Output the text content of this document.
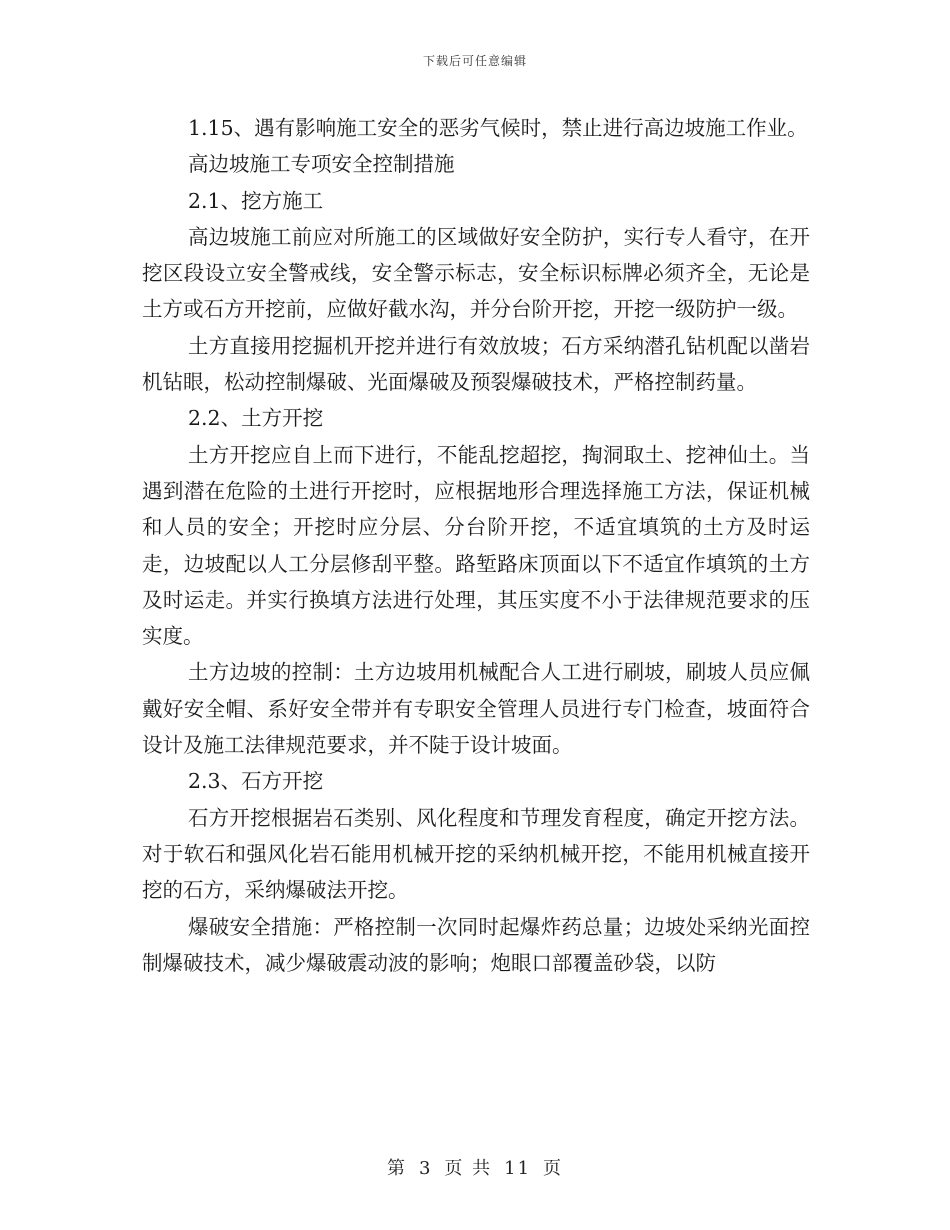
下载后可任意编辑

1.15、遇有影响施工安全的恶劣气候时，禁止进行高边坡施工作业。

高边坡施工专项安全控制措施

2.1、挖方施工

高边坡施工前应对所施工的区域做好安全防护，实行专人看守，在开挖区段设立安全警戒线，安全警示标志，安全标识标牌必须齐全，无论是土方或石方开挖前，应做好截水沟，并分台阶开挖，开挖一级防护一级。

土方直接用挖掘机开挖并进行有效放坡；石方采纳潜孔钻机配以凿岩机钻眼，松动控制爆破、光面爆破及预裂爆破技术，严格控制药量。

2.2、土方开挖

土方开挖应自上而下进行，不能乱挖超挖，掏洞取土、挖神仙土。当遇到潜在危险的土进行开挖时，应根据地形合理选择施工方法，保证机械和人员的安全；开挖时应分层、分台阶开挖，不适宜填筑的土方及时运走，边坡配以人工分层修刮平整。路堑路床顶面以下不适宜作填筑的土方及时运走。并实行换填方法进行处理，其压实度不小于法律规范要求的压实度。

土方边坡的控制：土方边坡用机械配合人工进行刷坡，刷坡人员应佩戴好安全帽、系好安全带并有专职安全管理人员进行专门检查，坡面符合设计及施工法律规范要求，并不陡于设计坡面。

2.3、石方开挖

石方开挖根据岩石类别、风化程度和节理发育程度，确定开挖方法。对于软石和强风化岩石能用机械开挖的采纳机械开挖，不能用机械直接开挖的石方，采纳爆破法开挖。

爆破安全措施：严格控制一次同时起爆炸药总量；边坡处采纳光面控制爆破技术，减少爆破震动波的影响；炮眼口部覆盖砂袋，以防

第 3 页 共 11 页
